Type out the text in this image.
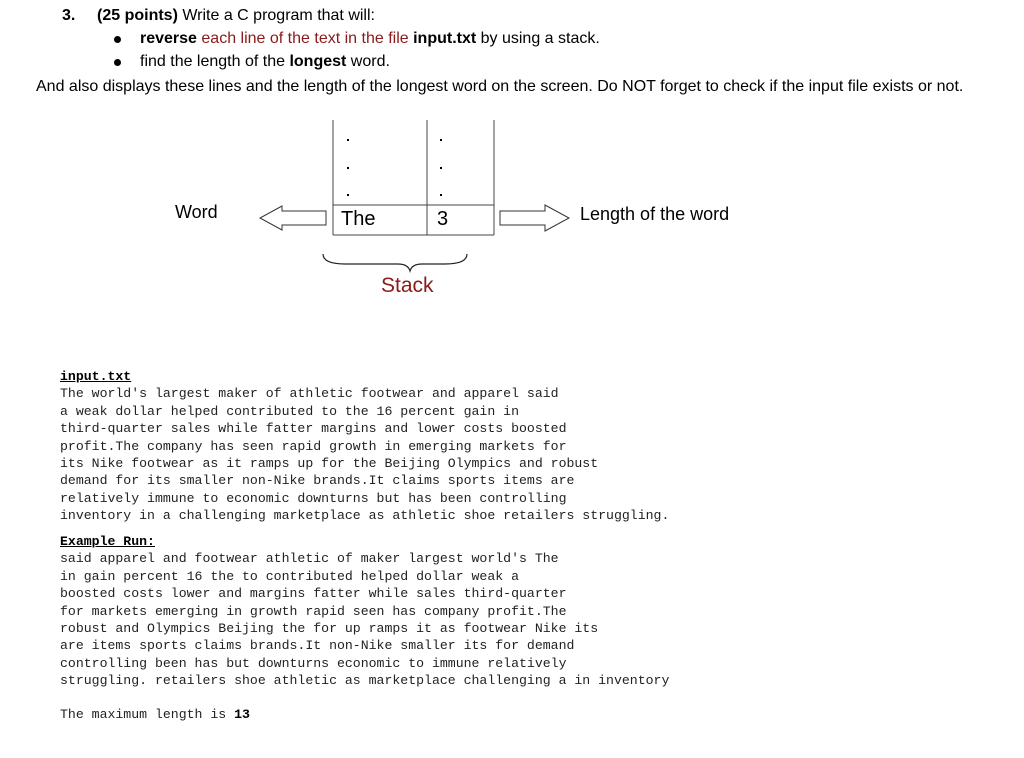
3. (25 points) Write a C program that will:
reverse each line of the text in the file input.txt by using a stack.
find the length of the longest word.
And also displays these lines and the length of the longest word on the screen. Do NOT forget to check if the input file exists or not.
Word	The	3	Length of the word
Stack
input.txt
The world's largest maker of athletic footwear and apparel said
a weak dollar helped contributed to the 16 percent gain in
third-quarter sales while fatter margins and lower costs boosted
profit.The company has seen rapid growth in emerging markets for
its Nike footwear as it ramps up for the Beijing Olympics and robust
demand for its smaller non-Nike brands.It claims sports items are
relatively immune to economic downturns but has been controlling
inventory in a challenging marketplace as athletic shoe retailers struggling.
Example Run:
said apparel and footwear athletic of maker largest world's The
in gain percent 16 the to contributed helped dollar weak a
boosted costs lower and margins fatter while sales third-quarter
for markets emerging in growth rapid seen has company profit.The
robust and Olympics Beijing the for up ramps it as footwear Nike its
are items sports claims brands.It non-Nike smaller its for demand
controlling been has but downturns economic to immune relatively
struggling. retailers shoe athletic as marketplace challenging a in inventory
The maximum length is 13
